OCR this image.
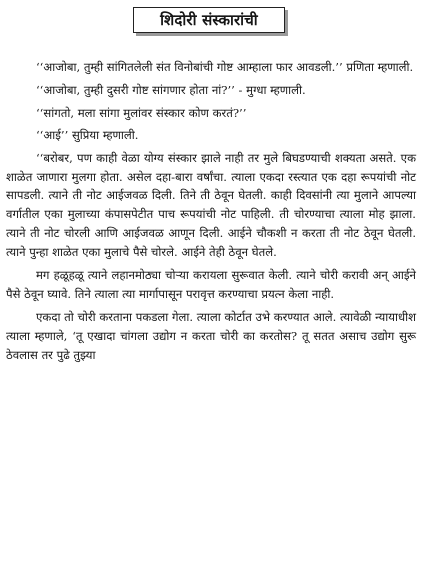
शिदोरी संस्कारांची

‘‘आजोबा, तुम्ही सांगितलेली संत विनोबांची गोष्ट आम्हाला फार आवडली.’’ प्रणिता म्हणाली.

‘‘आजोबा, तुम्ही दुसरी गोष्ट सांगणार होता नां?’’ - मुग्धा म्हणाली.

‘‘सांगतो, मला सांगा मुलांवर संस्कार कोण करतं?’’

‘‘आई’’ सुप्रिया म्हणाली.

‘‘बरोबर, पण काही वेळा योग्य संस्कार झाले नाही तर मुले बिघडण्याची शक्यता असते. एक शाळेत जाणारा मुलगा होता. असेल दहा-बारा वर्षांचा. त्याला एकदा रस्त्यात एक दहा रूपयांची नोट सापडली. त्याने ती नोट आईजवळ दिली. तिने ती ठेवून घेतली. काही दिवसांनी त्या मुलाने आपल्या वर्गातील एका मुलाच्या कंपासपेटीत पाच रूपयांची नोट पाहिली. ती चोरण्याचा त्याला मोह झाला. त्याने ती नोट चोरली आणि आईजवळ आणून दिली. आईने चौकशी न करता ती नोट ठेवून घेतली. त्याने पुन्हा शाळेत एका मुलाचे पैसे चोरले. आईने तेही ठेवून घेतले.

मग हळूहळू त्याने लहानमोठ्या चोऱ्या करायला सुरूवात केली. त्याने चोरी करावी अन् आईने पैसे ठेवून घ्यावे. तिने त्याला त्या मार्गापासून परावृत्त करण्याचा प्रयत्न केला नाही.

एकदा तो चोरी करताना पकडला गेला. त्याला कोर्टात उभे करण्यात आले. त्यावेळी न्यायाधीश त्याला म्हणाले, ‘तू एखादा चांगला उद्योग न करता चोरी का करतोस? तू सतत असाच उद्योग सुरू ठेवलास तर पुढे तुझ्या
